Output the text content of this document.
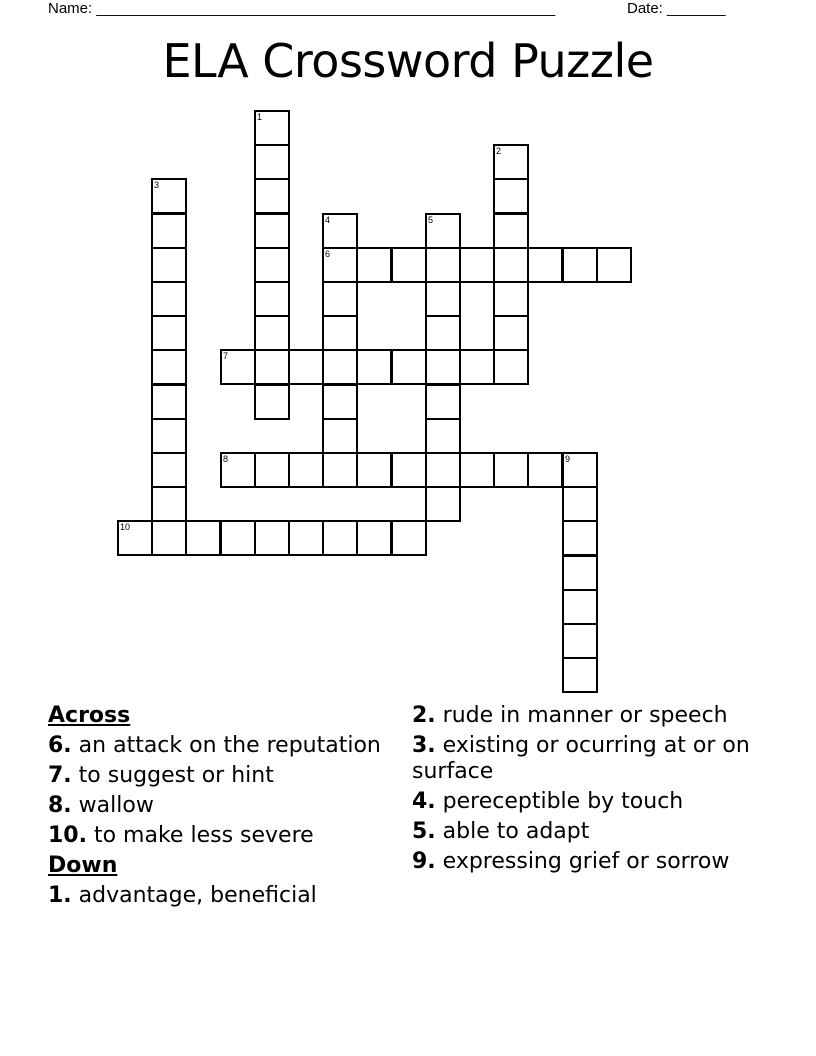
Name: _______________________________________________________	Date: _______
ELA Crossword Puzzle
1
2
3
4
6
5
7
8	9
10
Across
6. an attack on the reputation
7. to suggest or hint
8. wallow
10. to make less severe
Down
1. advantage, beneficial
2. rude in manner or speech
3. existing or ocurring at or on surface
4. pereceptible by touch
5. able to adapt
9. expressing grief or sorrow
